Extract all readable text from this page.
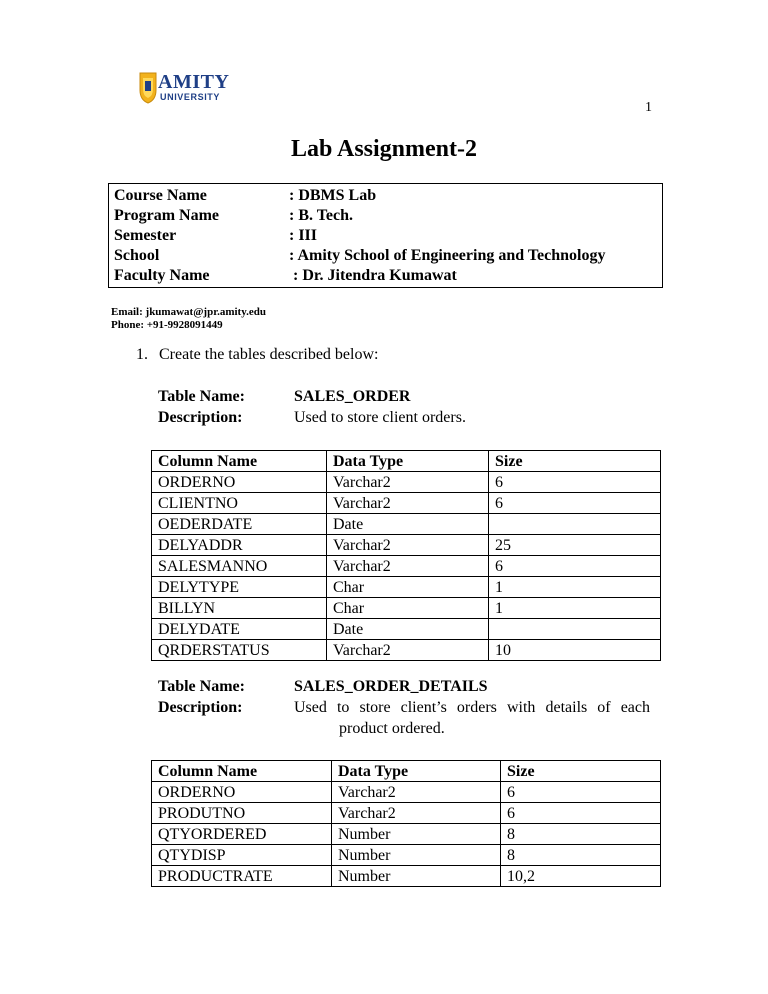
AMITY
UNIVERSITY
1
Lab Assignment-2
Course Name	: DBMS Lab
Program Name	: B. Tech.
Semester	: III
School	: Amity School of Engineering and Technology
Faculty Name	: Dr. Jitendra Kumawat
Email: jkumawat@jpr.amity.edu
Phone: +91-9928091449
1. Create the tables described below:
Table Name:	SALES_ORDER
Description:	Used to store client orders.
Column Name	Data Type	Size
ORDERNO	Varchar2	6
CLIENTNO	Varchar2	6
OEDERDATE	Date	
DELYADDR	Varchar2	25
SALESMANNO	Varchar2	6
DELYTYPE	Char	1
BILLYN	Char	1
DELYDATE	Date	
QRDERSTATUS	Varchar2	10
Table Name:	SALES_ORDER_DETAILS
Description:	Used to store client’s orders with details of each
product ordered.
Column Name	Data Type	Size
ORDERNO	Varchar2	6
PRODUTNO	Varchar2	6
QTYORDERED	Number	8
QTYDISP	Number	8
PRODUCTRATE	Number	10,2
